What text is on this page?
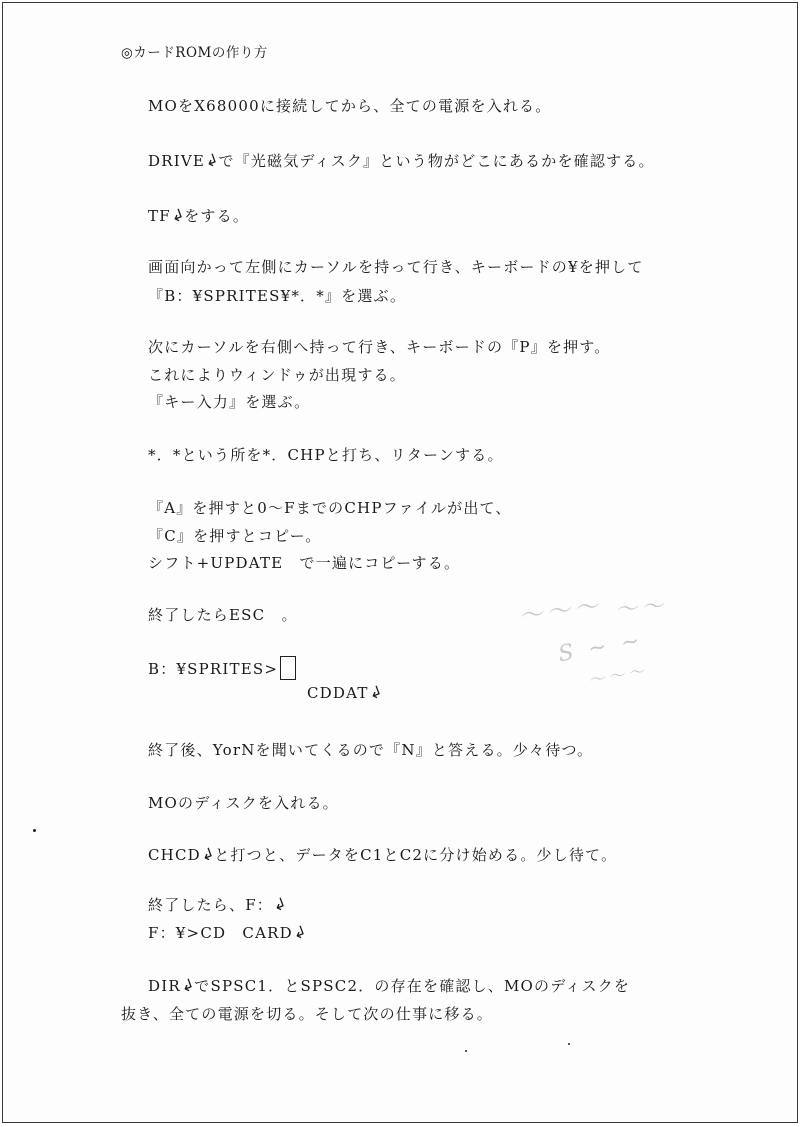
◎カードROMの作り方
MOをX68000に接続してから、全ての電源を入れる。
DRIVE↲で『光磁気ディスク』という物がどこにあるかを確認する。
TF↲をする。
画面向かって左側にカーソルを持って行き、キーボードの¥を押して
『B：¥SPRITES¥*．*』を選ぶ。
次にカーソルを右側へ持って行き、キーボードの『P』を押す。
これによりウィンドゥが出現する。
『キー入力』を選ぶ。
*．*という所を*．CHPと打ち、リターンする。
『A』を押すと0～FまでのCHPファイルが出て、
『C』を押すとコピー。
シフト+UPDATE　で一遍にコピーする。
終了したらESC　。
B：¥SPRITES>
CDDAT↲
終了後、YorNを聞いてくるので『N』と答える。少々待つ。
MOのディスクを入れる。
CHCD↲と打つと、データをC1とC2に分け始める。少し待て。
終了したら、F：↲
F：¥>CD　CARD↲
DIR↲でSPSC1．とSPSC2．の存在を確認し、MOのディスクを
抜き、全ての電源を切る。そして次の仕事に移る。
〜〜〜 〜〜
S ∼ ∼
〜〜〜
